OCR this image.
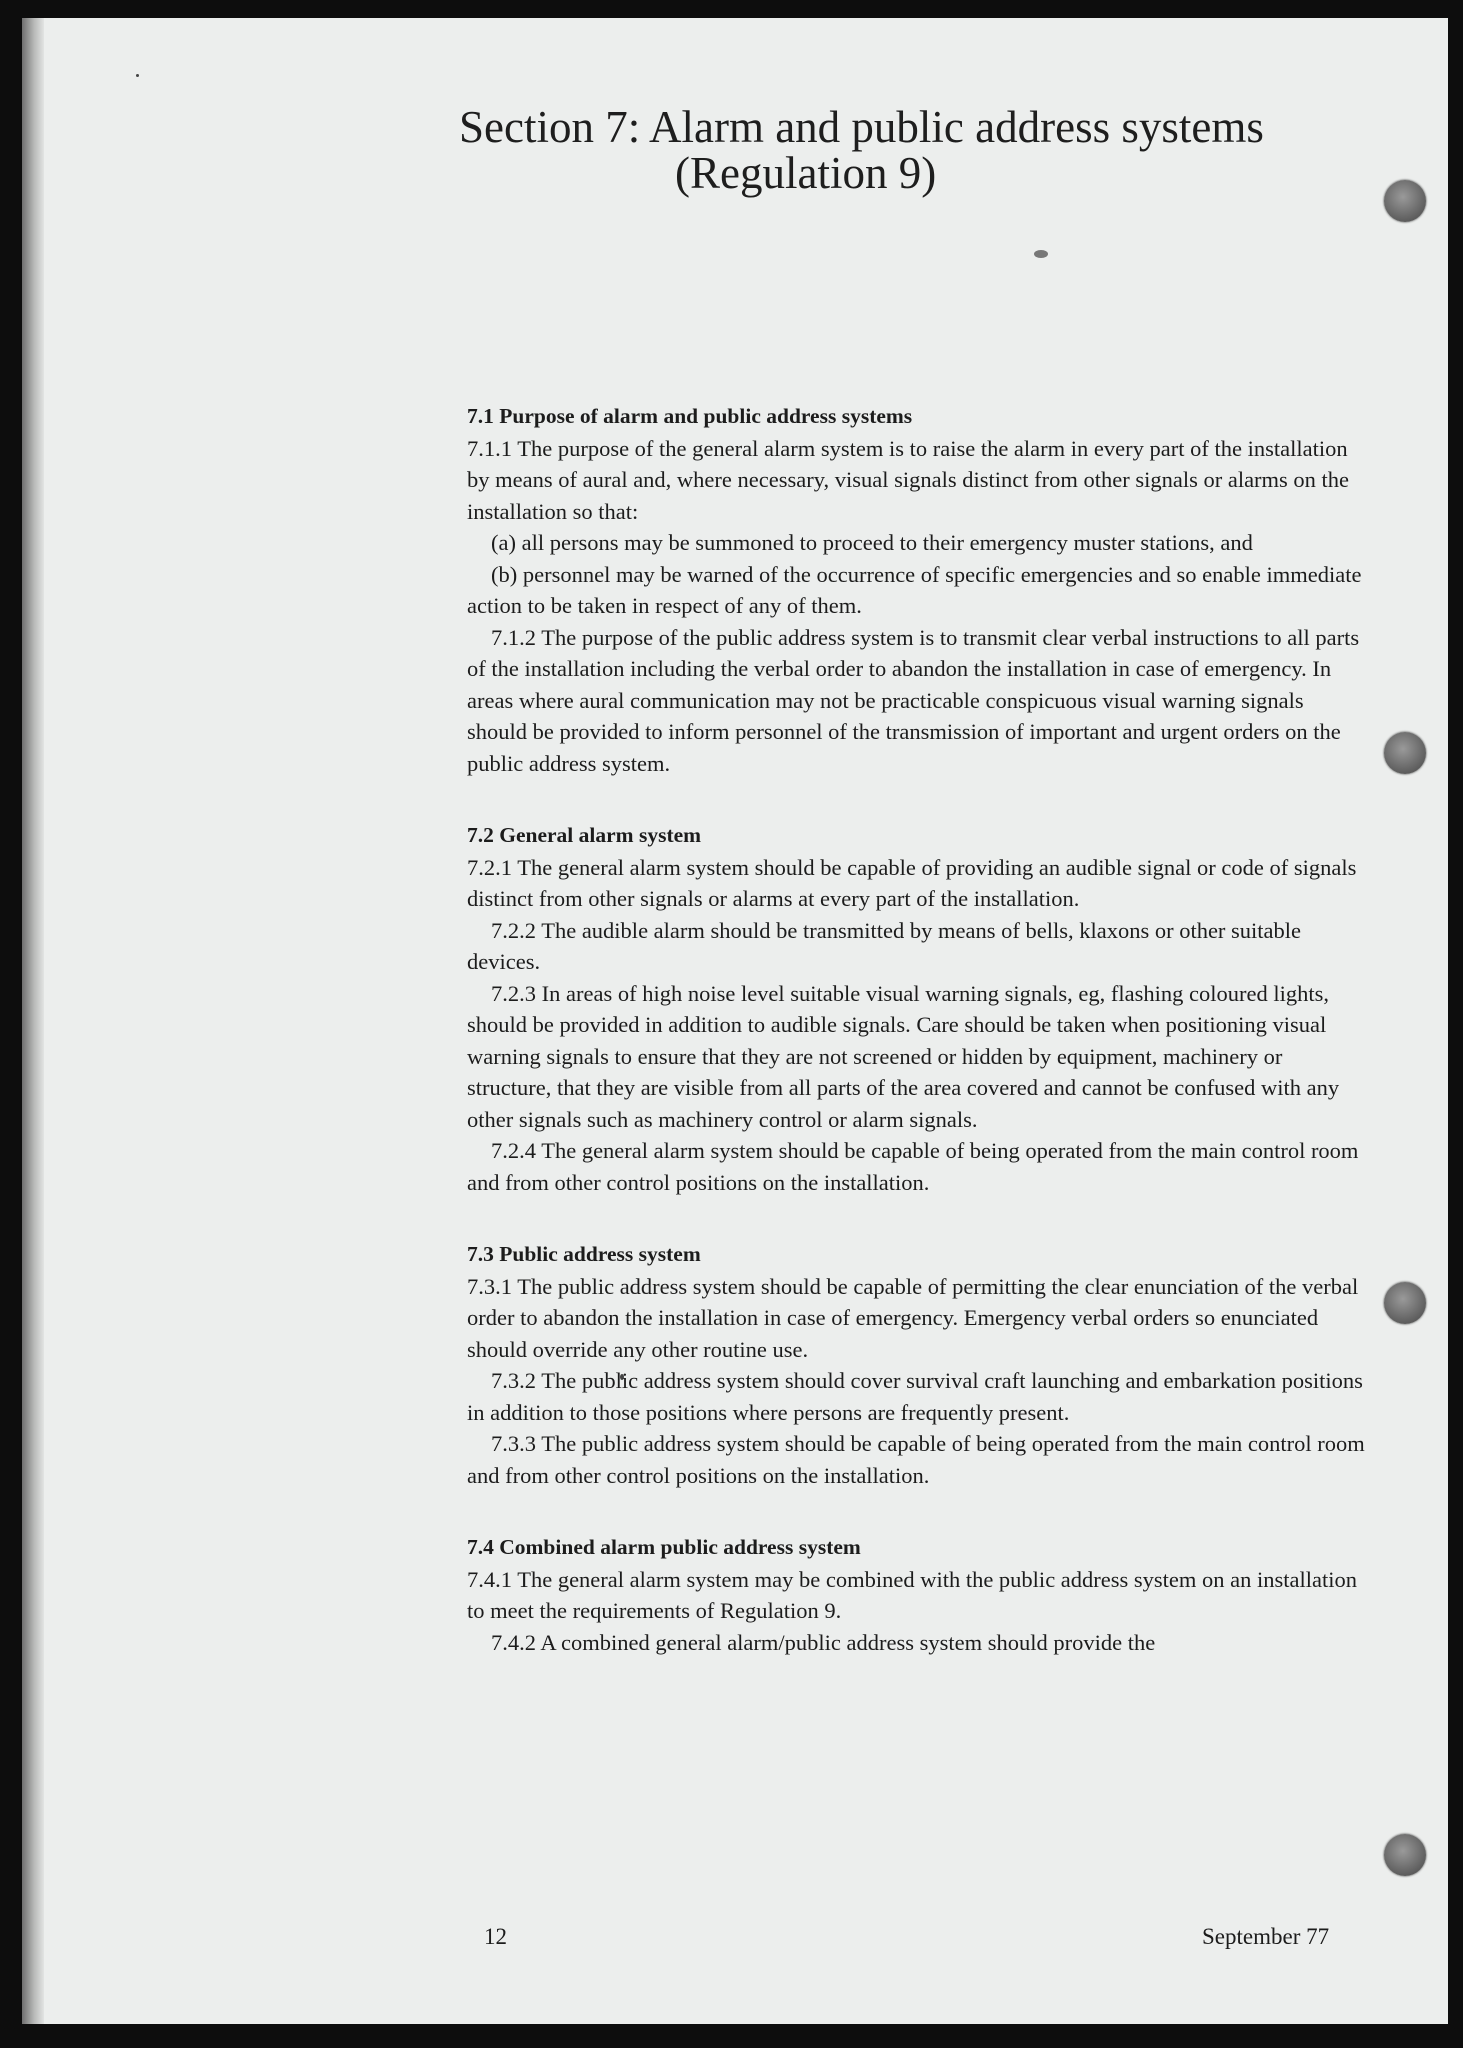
Section 7: Alarm and public address systems
(Regulation 9)

7.1 Purpose of alarm and public address systems

7.1.1 The purpose of the general alarm system is to raise the alarm in every part of the installation by means of aural and, where necessary, visual signals distinct from other signals or alarms on the installation so that:

(a) all persons may be summoned to proceed to their emergency muster stations, and

(b) personnel may be warned of the occurrence of specific emergencies and so enable immediate action to be taken in respect of any of them.

7.1.2 The purpose of the public address system is to transmit clear verbal instructions to all parts of the installation including the verbal order to abandon the installation in case of emergency. In areas where aural communication may not be practicable conspicuous visual warning signals should be provided to inform personnel of the transmission of important and urgent orders on the public address system.

7.2 General alarm system

7.2.1 The general alarm system should be capable of providing an audible signal or code of signals distinct from other signals or alarms at every part of the installation.

7.2.2 The audible alarm should be transmitted by means of bells, klaxons or other suitable devices.

7.2.3 In areas of high noise level suitable visual warning signals, eg, flashing coloured lights, should be provided in addition to audible signals. Care should be taken when positioning visual warning signals to ensure that they are not screened or hidden by equipment, machinery or structure, that they are visible from all parts of the area covered and cannot be confused with any other signals such as machinery control or alarm signals.

7.2.4 The general alarm system should be capable of being operated from the main control room and from other control positions on the installation.

7.3 Public address system

7.3.1 The public address system should be capable of permitting the clear enunciation of the verbal order to abandon the installation in case of emergency. Emergency verbal orders so enunciated should override any other routine use.

7.3.2 The public address system should cover survival craft launching and embarkation positions in addition to those positions where persons are frequently present.

7.3.3 The public address system should be capable of being operated from the main control room and from other control positions on the installation.

7.4 Combined alarm public address system

7.4.1 The general alarm system may be combined with the public address system on an installation to meet the requirements of Regulation 9.

7.4.2 A combined general alarm/public address system should provide the

12	September 77
